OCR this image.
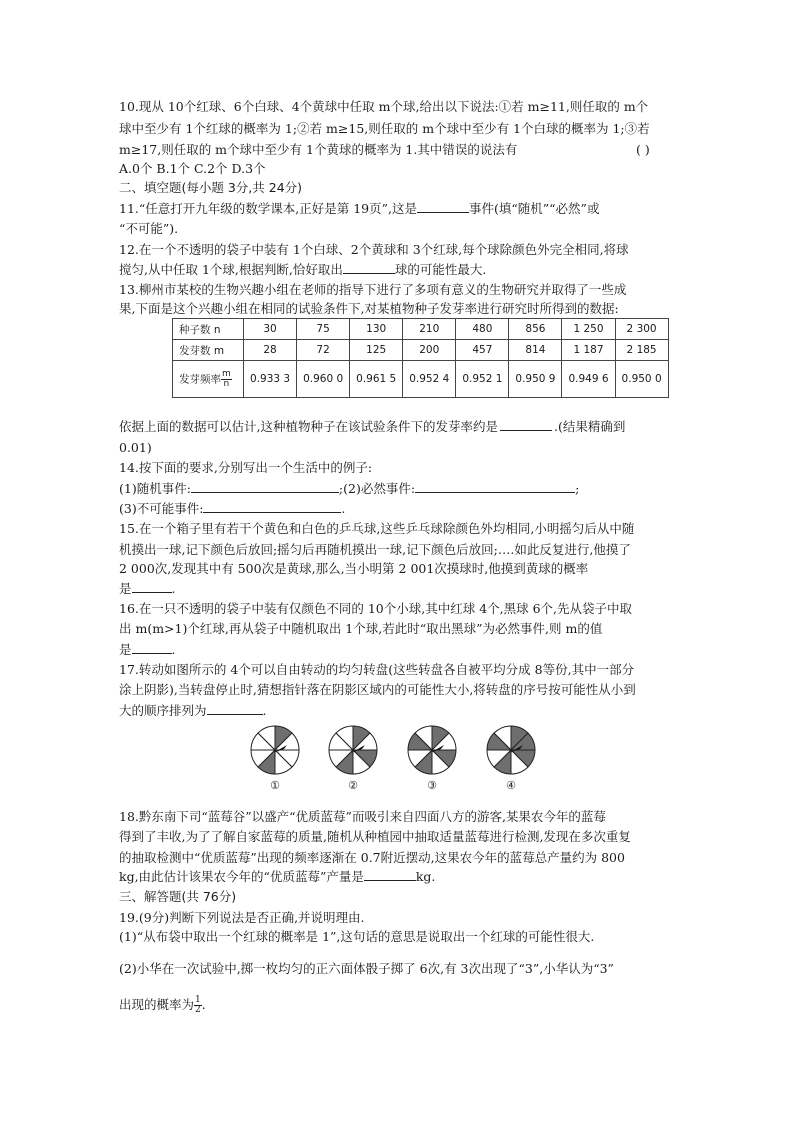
10.现从 10个红球、6个白球、4个黄球中任取 m个球,给出以下说法:①若 m≥11,则任取的 m个
球中至少有 1个红球的概率为 1;②若 m≥15,则任取的 m个球中至少有 1个白球的概率为 1;③若
m≥17,则任取的 m个球中至少有 1个黄球的概率为 1.其中错误的说法有	( )
A.0个 B.1个 C.2个 D.3个
二、填空题(每小题 3分,共 24分)
11.“任意打开九年级的数学课本,正好是第 19页”,这是	事件(填“随机”“必然”或
“不可能”).
12.在一个不透明的袋子中装有 1个白球、2个黄球和 3个红球,每个球除颜色外完全相同,将球
搅匀,从中任取 1个球,根据判断,恰好取出	球的可能性最大.
13.柳州市某校的生物兴趣小组在老师的指导下进行了多项有意义的生物研究并取得了一些成
果,下面是这个兴趣小组在相同的试验条件下,对某植物种子发芽率进行研究时所得到的数据:
种子数 n	30	75	130	210	480	856	1 250	2 300
发芽数 m	28	72	125	200	457	814	1 187	2 185
发芽频率 $\frac{m}{n}$	0.933 3	0.960 0	0.961 5	0.952 4	0.952 1	0.950 9	0.949 6	0.950 0
依据上面的数据可以估计,这种植物种子在该试验条件下的发芽率约是	.(结果精确到
0.01)
14.按下面的要求,分别写出一个生活中的例子:
(1)随机事件:	;(2)必然事件:	;
(3)不可能事件:	.
15.在一个箱子里有若干个黄色和白色的乒乓球,这些乒乓球除颜色外均相同,小明摇匀后从中随
机摸出一球,记下颜色后放回;摇匀后再随机摸出一球,记下颜色后放回;….如此反复进行,他摸了
2 000次,发现其中有 500次是黄球,那么,当小明第 2 001次摸球时,他摸到黄球的概率
是	.
16.在一只不透明的袋子中装有仅颜色不同的 10个小球,其中红球 4个,黑球 6个,先从袋子中取
出 m(m>1)个红球,再从袋子中随机取出 1个球,若此时“取出黑球”为必然事件,则 m的值
是	.
17.转动如图所示的 4个可以自由转动的均匀转盘(这些转盘各自被平均分成 8等份,其中一部分
涂上阴影),当转盘停止时,猜想指针落在阴影区域内的可能性大小,将转盘的序号按可能性从小到
大的顺序排列为	.
①	②	③	④
18.黔东南下司“蓝莓谷”以盛产“优质蓝莓”而吸引来自四面八方的游客,某果农今年的蓝莓
得到了丰收,为了了解自家蓝莓的质量,随机从种植园中抽取适量蓝莓进行检测,发现在多次重复
的抽取检测中“优质蓝莓”出现的频率逐渐在 0.7附近摆动,这果农今年的蓝莓总产量约为 800
kg,由此估计该果农今年的“优质蓝莓”产量是	kg.
三、解答题(共 76分)
19.(9分)判断下列说法是否正确,并说明理由.
(1)“从布袋中取出一个红球的概率是 1”,这句话的意思是说取出一个红球的可能性很大.
(2)小华在一次试验中,掷一枚均匀的正六面体骰子掷了 6次,有 3次出现了“3”,小华认为“3”
出现的概率为 $\frac{1}{2}$ .
